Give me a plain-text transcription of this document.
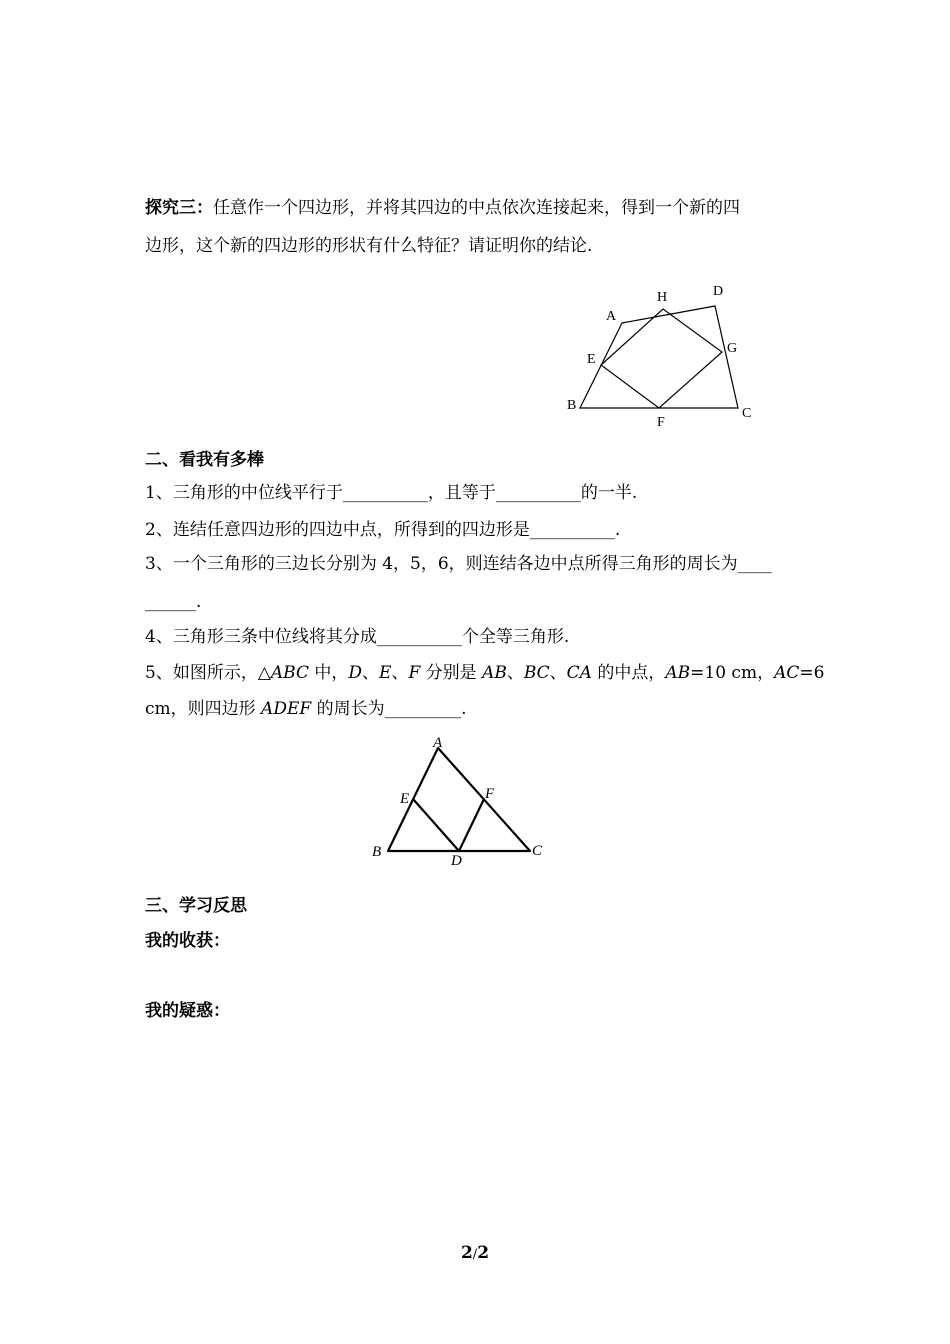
探究三：任意作一个四边形，并将其四边的中点依次连接起来，得到一个新的四
边形，这个新的四边形的形状有什么特征？请证明你的结论.
A
B
C
D
E
F
G
H
二、看我有多棒
1、三角形的中位线平行于__________，且等于__________的一半.
2、连结任意四边形的四边中点，所得到的四边形是__________.
3、一个三角形的三边长分别为 4，5，6，则连结各边中点所得三角形的周长为____
______.
4、三角形三条中位线将其分成__________个全等三角形.
5、如图所示，△ABC 中，D、E、F 分别是 AB、BC、CA 的中点，AB=10 cm，AC=6
cm，则四边形 ADEF 的周长为_________.
A
B	C
D
E	F
三、学习反思
我的收获：
我的疑惑：
2/2
